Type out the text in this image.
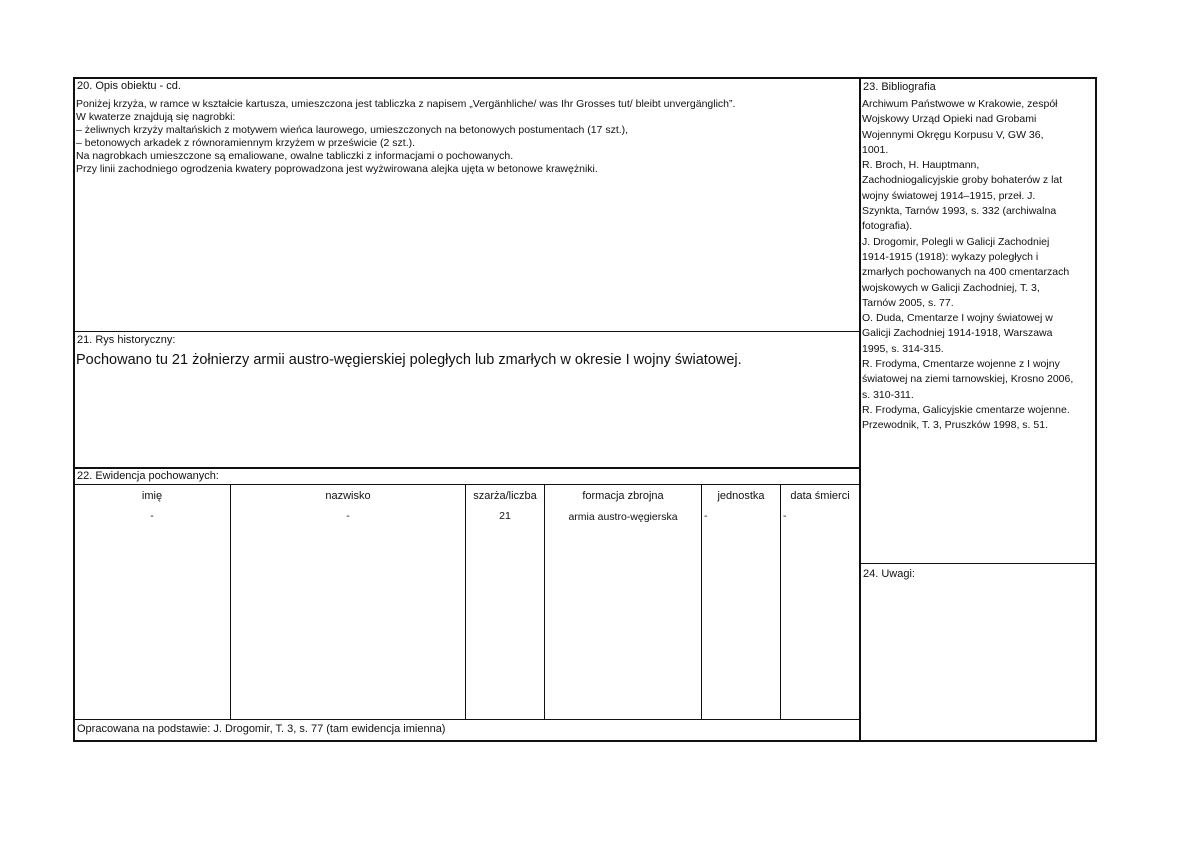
20. Opis obiektu - cd.
Poniżej krzyża, w ramce w kształcie kartusza, umieszczona jest tabliczka z napisem „Vergänhliche/ was Ihr Grosses tut/ bleibt unvergänglich”.
W kwaterze znajdują się nagrobki:
– żeliwnych krzyży maltańskich z motywem wieńca laurowego, umieszczonych na betonowych postumentach (17 szt.),
– betonowych arkadek z równoramiennym krzyżem w prześwicie (2 szt.).
Na nagrobkach umieszczone są emaliowane, owalne tabliczki z informacjami o pochowanych.
Przy linii zachodniego ogrodzenia kwatery poprowadzona jest wyżwirowana alejka ujęta w betonowe krawężniki.
21. Rys historyczny:
Pochowano tu 21 żołnierzy armii austro-węgierskiej poległych lub zmarłych w okresie I wojny światowej.
22. Ewidencja pochowanych:
imię	nazwisko	szarża/liczba	formacja zbrojna	jednostka	data śmierci
-	-	21	armia austro-węgierska	-	-
Opracowana na podstawie: J. Drogomir, T. 3, s. 77 (tam ewidencja imienna)
23. Bibliografia
Archiwum Państwowe w Krakowie, zespół
Wojskowy Urząd Opieki nad Grobami
Wojennymi Okręgu Korpusu V, GW 36,
1001.
R. Broch, H. Hauptmann,
Zachodniogalicyjskie groby bohaterów z lat
wojny światowej 1914–1915, przeł. J.
Szynkta, Tarnów 1993, s. 332 (archiwalna
fotografia).
J. Drogomir, Polegli w Galicji Zachodniej
1914-1915 (1918): wykazy poległych i
zmarłych pochowanych na 400 cmentarzach
wojskowych w Galicji Zachodniej, T. 3,
Tarnów 2005, s. 77.
O. Duda, Cmentarze I wojny światowej w
Galicji Zachodniej 1914-1918, Warszawa
1995, s. 314-315.
R. Frodyma, Cmentarze wojenne z I wojny
światowej na ziemi tarnowskiej, Krosno 2006,
s. 310-311.
R. Frodyma, Galicyjskie cmentarze wojenne.
Przewodnik, T. 3, Pruszków 1998, s. 51.
24. Uwagi:
